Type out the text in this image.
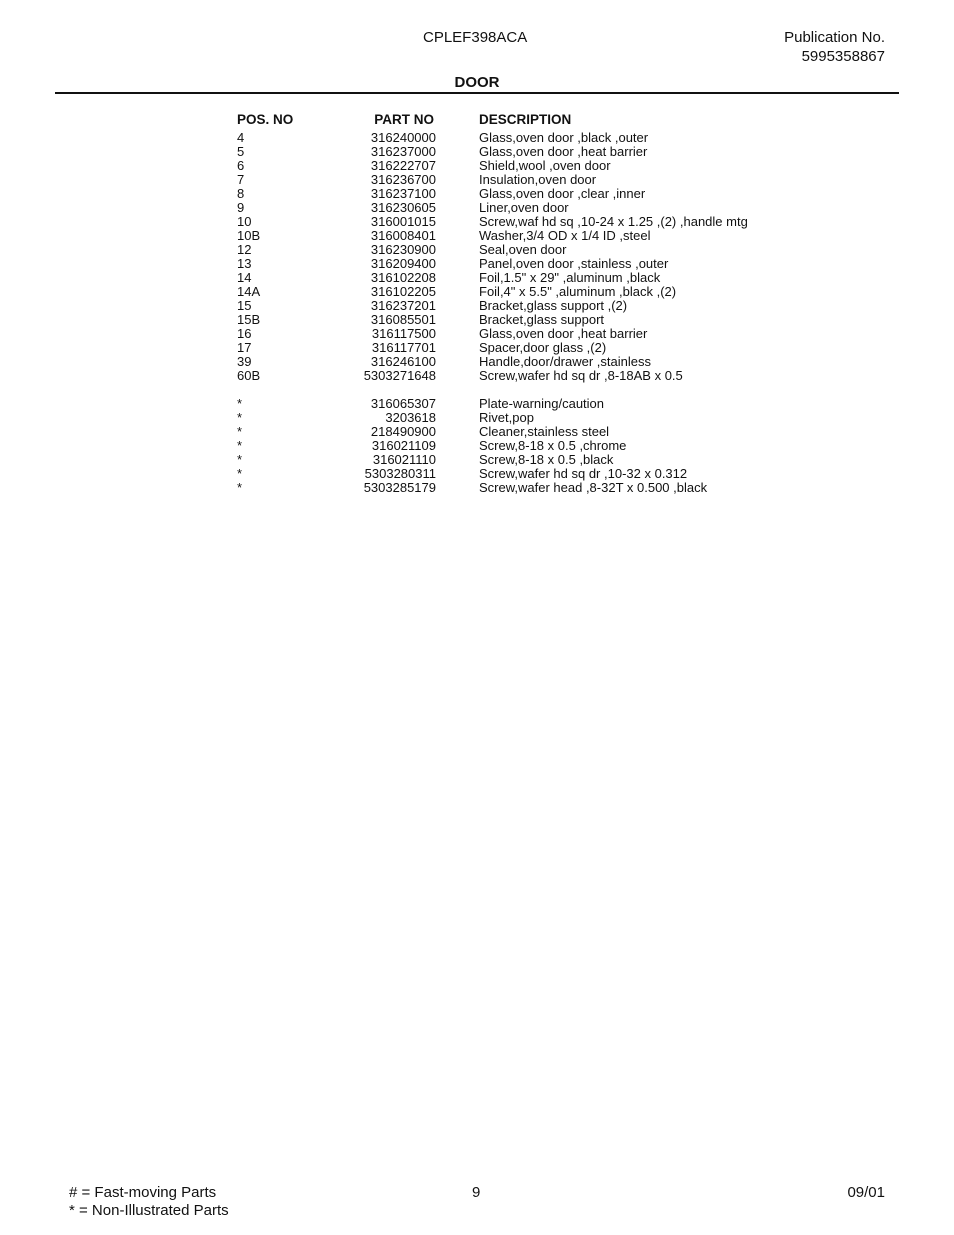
CPLEF398ACA	Publication No.
5995358867
DOOR
POS. NO	PART NO	DESCRIPTION
4	316240000	Glass,oven door ,black ,outer
5	316237000	Glass,oven door ,heat barrier
6	316222707	Shield,wool ,oven door
7	316236700	Insulation,oven door
8	316237100	Glass,oven door ,clear ,inner
9	316230605	Liner,oven door
10	316001015	Screw,waf hd sq ,10-24 x 1.25 ,(2) ,handle mtg
10B	316008401	Washer,3/4 OD x 1/4 ID ,steel
12	316230900	Seal,oven door
13	316209400	Panel,oven door ,stainless ,outer
14	316102208	Foil,1.5" x 29" ,aluminum ,black
14A	316102205	Foil,4" x 5.5" ,aluminum ,black ,(2)
15	316237201	Bracket,glass support ,(2)
15B	316085501	Bracket,glass support
16	316117500	Glass,oven door ,heat barrier
17	316117701	Spacer,door glass ,(2)
39	316246100	Handle,door/drawer ,stainless
60B	5303271648	Screw,wafer hd sq dr ,8-18AB x 0.5
*	316065307	Plate-warning/caution
*	3203618	Rivet,pop
*	218490900	Cleaner,stainless steel
*	316021109	Screw,8-18 x 0.5 ,chrome
*	316021110	Screw,8-18 x 0.5 ,black
*	5303280311	Screw,wafer hd sq dr ,10-32 x 0.312
*	5303285179	Screw,wafer head ,8-32T x 0.500 ,black
# = Fast-moving Parts
* = Non-Illustrated Parts
9	09/01
